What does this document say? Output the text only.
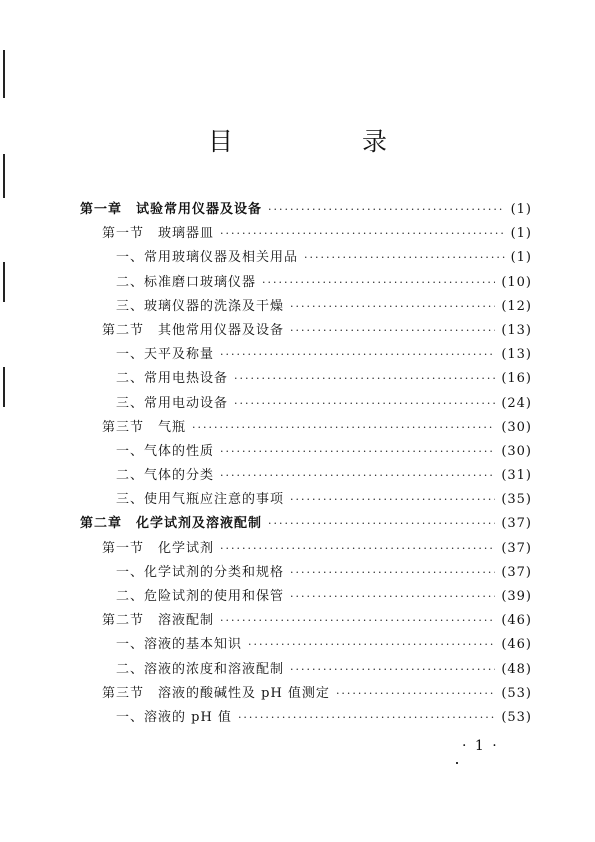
目　录
第一章　试验常用仪器及设备 ·····	(1)
第一节　玻璃器皿 ·····	(1)
一、常用玻璃仪器及相关用品 ·····	(1)
二、标准磨口玻璃仪器 ·····	(10)
三、玻璃仪器的洗涤及干燥 ·····	(12)
第二节　其他常用仪器及设备 ·····	(13)
一、天平及称量 ·····	(13)
二、常用电热设备 ·····	(16)
三、常用电动设备 ·····	(24)
第三节　气瓶 ·····	(30)
一、气体的性质 ·····	(30)
二、气体的分类 ·····	(31)
三、使用气瓶应注意的事项 ·····	(35)
第二章　化学试剂及溶液配制 ·····	(37)
第一节　化学试剂 ·····	(37)
一、化学试剂的分类和规格 ·····	(37)
二、危险试剂的使用和保管 ·····	(39)
第二节　溶液配制 ·····	(46)
一、溶液的基本知识 ·····	(46)
二、溶液的浓度和溶液配制 ·····	(48)
第三节　溶液的酸碱性及 pH 值测定 ·····	(53)
一、溶液的 pH 值 ·····	(53)
· 1 ·
